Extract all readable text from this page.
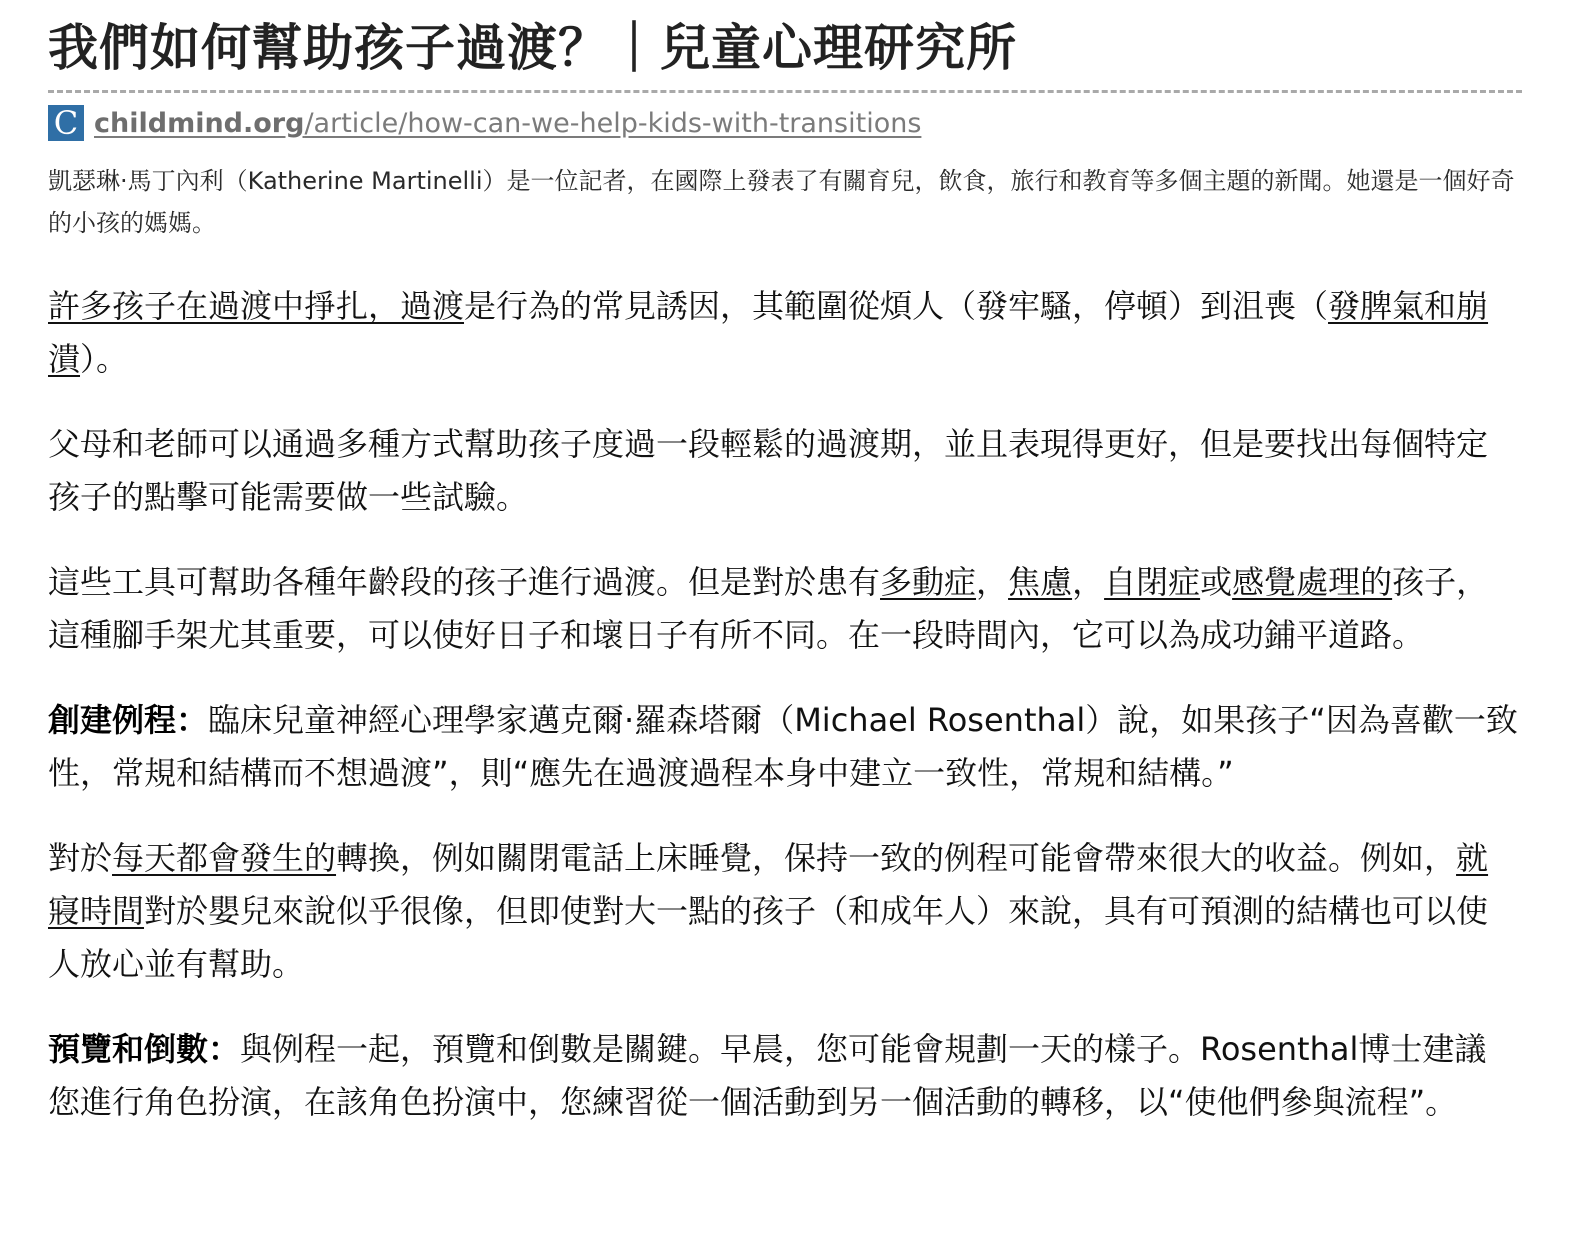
我們如何幫助孩子過渡？｜兒童心理研究所
C childmind.org/article/how-can-we-help-kids-with-transitions

凱瑟琳·馬丁內利（Katherine Martinelli）是一位記者，在國際上發表了有關育兒，飲食，旅行和教育等多個主題的新聞。她還是一個好奇的小孩的媽媽。

許多孩子在過渡中掙扎，過渡是行為的常見誘因，其範圍從煩人（發牢騷，停頓）到沮喪（發脾氣和崩潰）。

父母和老師可以通過多種方式幫助孩子度過一段輕鬆的過渡期，並且表現得更好，但是要找出每個特定孩子的點擊可能需要做一些試驗。

這些工具可幫助各種年齡段的孩子進行過渡。但是對於患有多動症，焦慮，自閉症或感覺處理的孩子，這種腳手架尤其重要，可以使好日子和壞日子有所不同。在一段時間內，它可以為成功鋪平道路。

創建例程：臨床兒童神經心理學家邁克爾·羅森塔爾（Michael Rosenthal）說，如果孩子“因為喜歡一致性，常規和結構而不想過渡”，則“應先在過渡過程本身中建立一致性，常規和結構。”

對於每天都會發生的轉換，例如關閉電話上床睡覺，保持一致的例程可能會帶來很大的收益。例如，就寢時間對於嬰兒來說似乎很像，但即使對大一點的孩子（和成年人）來說，具有可預測的結構也可以使人放心並有幫助。

預覽和倒數：與例程一起，預覽和倒數是關鍵。早晨，您可能會規劃一天的樣子。Rosenthal博士建議您進行角色扮演，在該角色扮演中，您練習從一個活動到另一個活動的轉移，以“使他們參與流程”。
